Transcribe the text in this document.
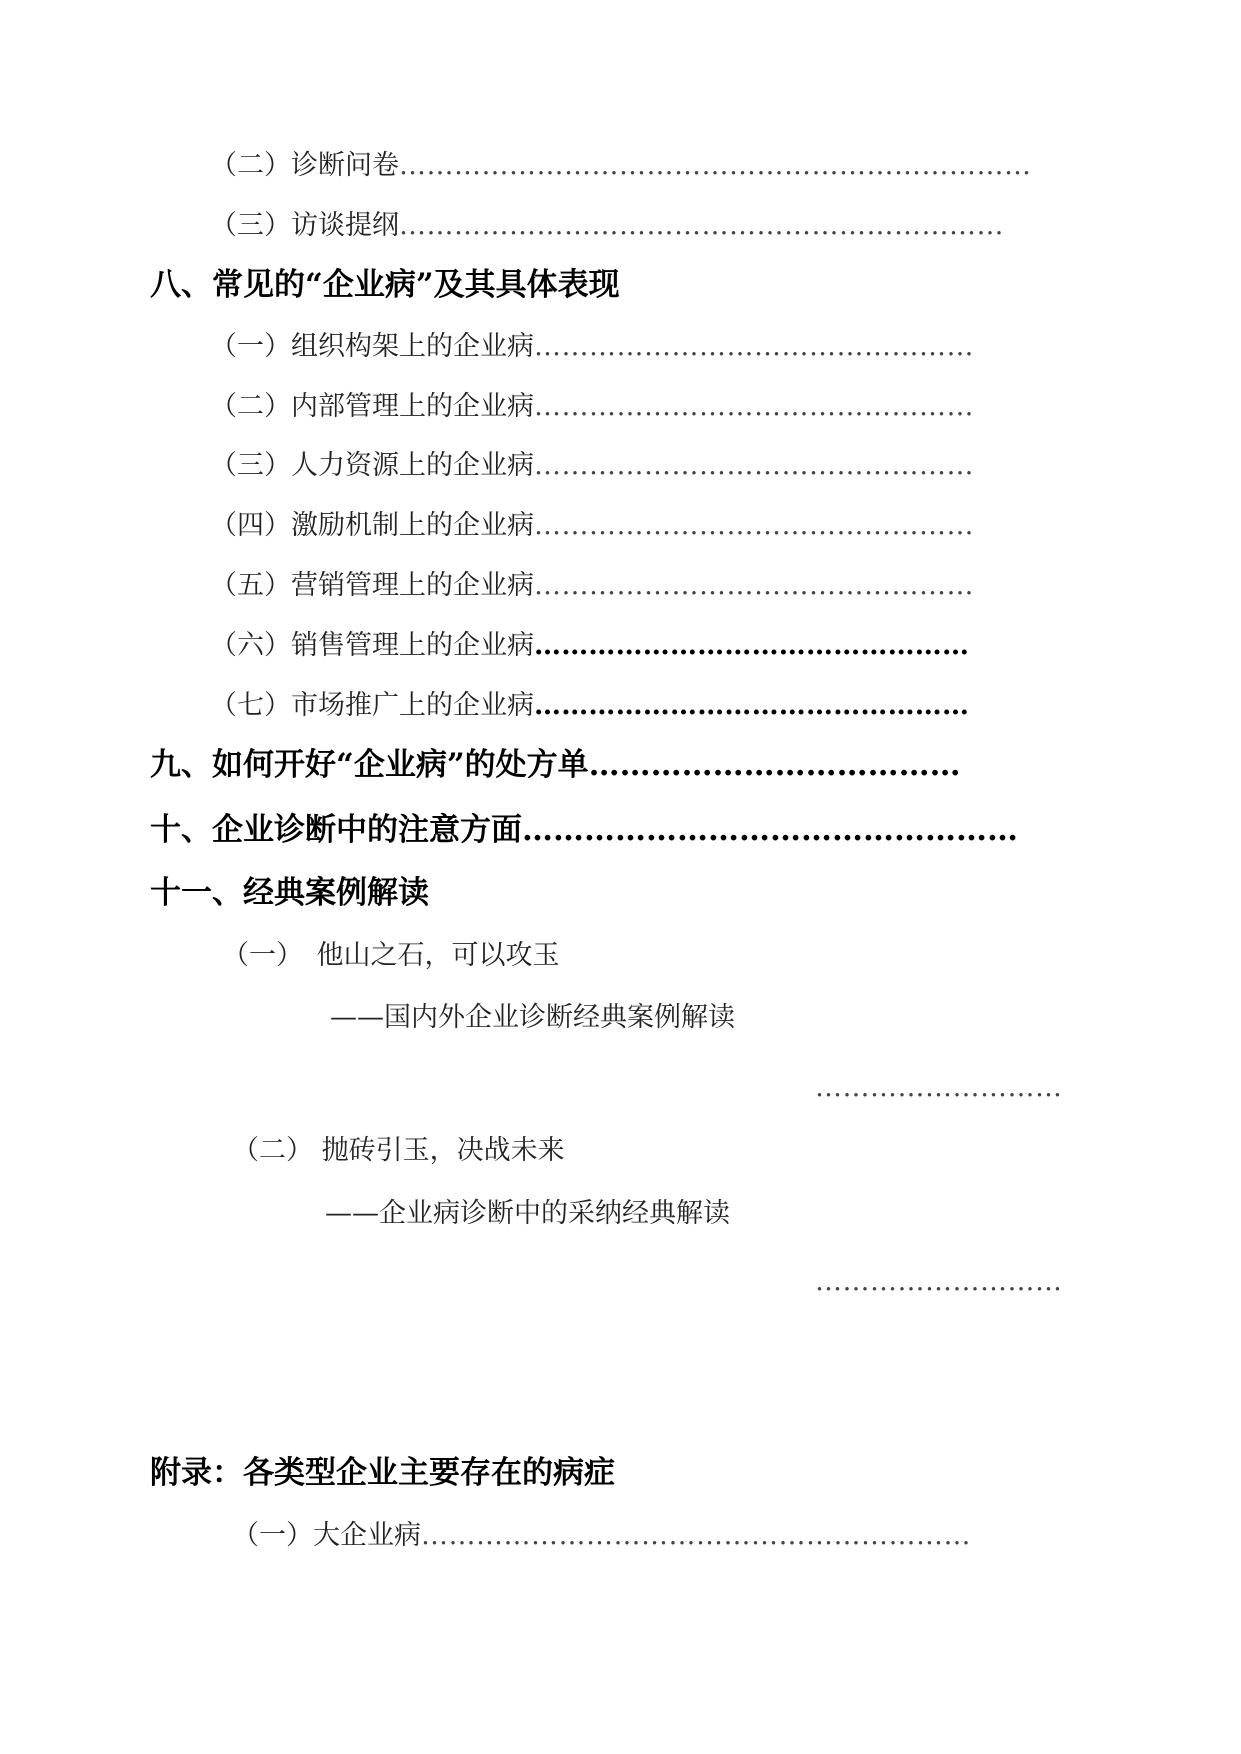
（二）诊断问卷……………………………………………………………
（三）访谈提纲…………………………………………………………
八、常见的“企业病”及其具体表现
（一）组织构架上的企业病…………………………………………
（二）内部管理上的企业病…………………………………………
（三）人力资源上的企业病…………………………………………
（四）激励机制上的企业病…………………………………………
（五）营销管理上的企业病…………………………………………
（六）销售管理上的企业病…………………………………………
（七）市场推广上的企业病…………………………………………
九、如何开好“企业病”的处方单………………………………
十、企业诊断中的注意方面…………………………………………
十一、经典案例解读
（一）　他山之石，可以攻玉
——国内外企业诊断经典案例解读
………………………
（二） 抛砖引玉，决战未来
——企业病诊断中的采纳经典解读
………………………
附录：各类型企业主要存在的病症
（一）大企业病……………………………………………………
